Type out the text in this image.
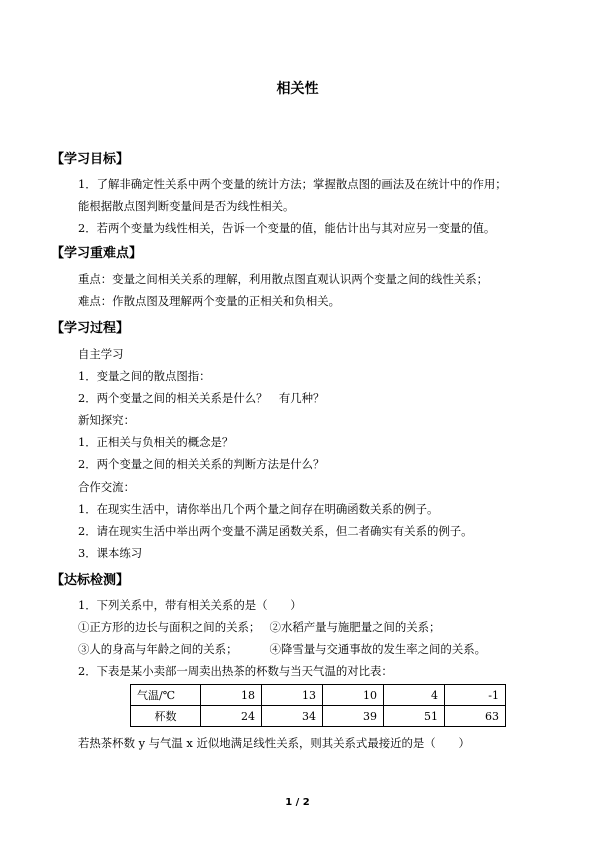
相关性
【学习目标】
1．了解非确定性关系中两个变量的统计方法；掌握散点图的画法及在统计中的作用；
能根据散点图判断变量间是否为线性相关。
2．若两个变量为线性相关，告诉一个变量的值，能估计出与其对应另一变量的值。
【学习重难点】
重点：变量之间相关关系的理解，利用散点图直观认识两个变量之间的线性关系；
难点：作散点图及理解两个变量的正相关和负相关。
【学习过程】
自主学习
1．变量之间的散点图指：
2．两个变量之间的相关关系是什么？　有几种？
新知探究：
1．正相关与负相关的概念是？
2．两个变量之间的相关关系的判断方法是什么？
合作交流：
1．在现实生活中，请你举出几个两个量之间存在明确函数关系的例子。
2．请在现实生活中举出两个变量不满足函数关系，但二者确实有关系的例子。
3．课本练习
【达标检测】
1．下列关系中，带有相关关系的是（　　）
①正方形的边长与面积之间的关系；　 ②水稻产量与施肥量之间的关系；
③人的身高与年龄之间的关系；　　　 ④降雪量与交通事故的发生率之间的关系。
2．下表是某小卖部一周卖出热茶的杯数与当天气温的对比表：
气温/℃	18	13	10	4	-1
杯数	24	34	39	51	63
若热茶杯数 y 与气温 x 近似地满足线性关系，则其关系式最接近的是（　　）
1 / 2
